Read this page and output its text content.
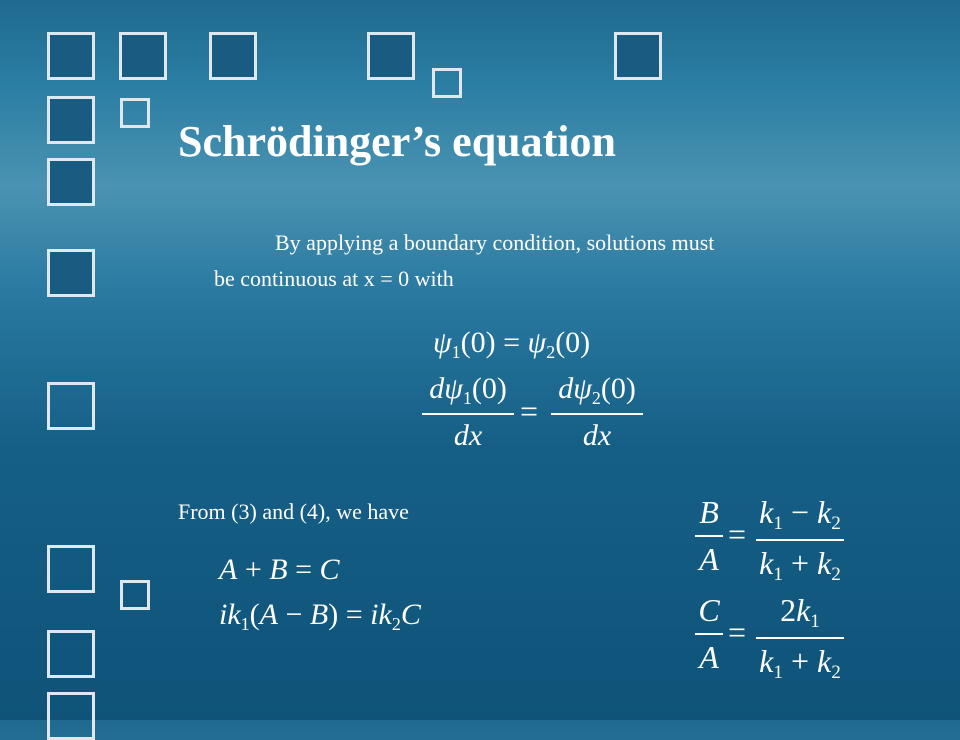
Schrödinger’s equation
By applying a boundary condition, solutions must
be continuous at x = 0 with
$\psi_1(0) = \psi_2(0)$
$d\psi_1(0)$
dx
=
$d\psi_2(0)$
dx
From (3) and (4), we have
A + B = C
$ik_1(A - B) = ik_2C$
B
A
=
$k_1 - k_2$
$k_1 + k_2$
C
A
=
$2k_1$
$k_1 + k_2$
